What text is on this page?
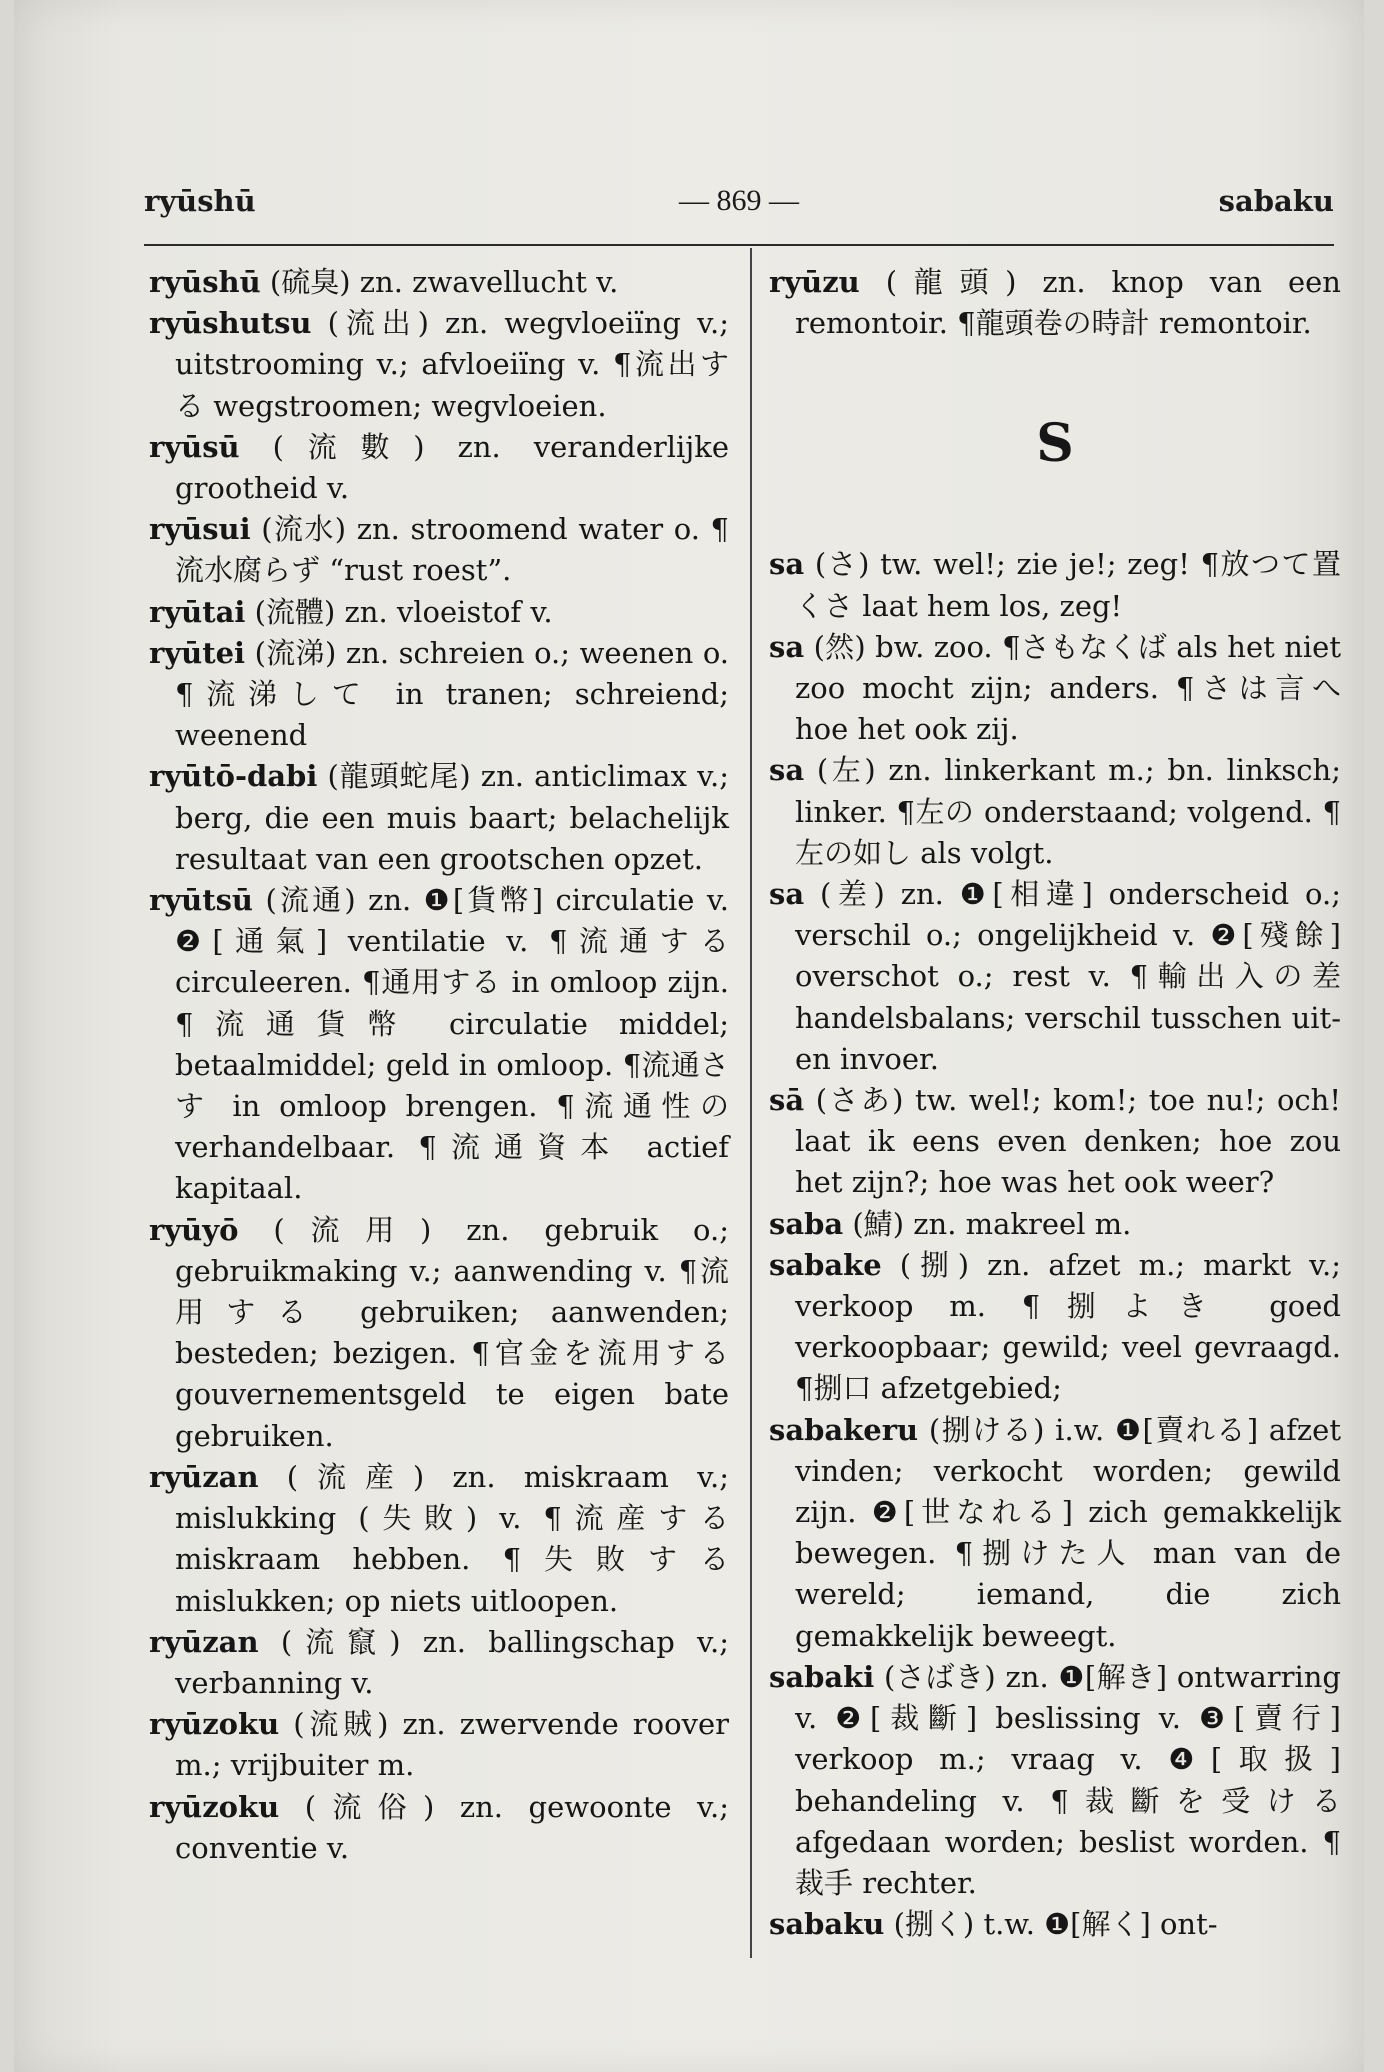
ryūshū	— 869 —	sabaku

ryūshū (硫臭) zn. zwavellucht v.

ryūshutsu (流出) zn. wegvloeiïng v.; uitstrooming v.; afvloeiïng v. ¶流出する wegstroomen; wegvloeien.

ryūsū (流數) zn. veranderlijke grootheid v.

ryūsui (流水) zn. stroomend water o. ¶流水腐らず “rust roest”.

ryūtai (流體) zn. vloeistof v.

ryūtei (流涕) zn. schreien o.; weenen o. ¶流涕して in tranen; schreiend; weenend

ryūtō-dabi (龍頭蛇尾) zn. anticlimax v.; berg, die een muis baart; belachelijk resultaat van een grootschen opzet.

ryūtsū (流通) zn. ❶[貨幣] circulatie v. ❷[通氣] ventilatie v. ¶流通する circuleeren. ¶通用する in omloop zijn. ¶流通貨幣 circulatie middel; betaalmiddel; geld in omloop. ¶流通さす in omloop brengen. ¶流通性の verhandelbaar. ¶流通資本 actief kapitaal.

ryūyō (流用) zn. gebruik o.; gebruikmaking v.; aanwending v. ¶流用する gebruiken; aanwenden; besteden; bezigen. ¶官金を流用する gouvernementsgeld te eigen bate gebruiken.

ryūzan (流産) zn. miskraam v.; mislukking (失敗) v. ¶流産する miskraam hebben. ¶失敗する mislukken; op niets uitloopen.

ryūzan (流竄) zn. ballingschap v.; verbanning v.

ryūzoku (流賊) zn. zwervende roover m.; vrijbuiter m.

ryūzoku (流俗) zn. gewoonte v.; conventie v.

ryūzu (龍頭) zn. knop van een remontoir. ¶龍頭卷の時計 remontoir.

S

sa (さ) tw. wel!; zie je!; zeg! ¶放つて置くさ laat hem los, zeg!

sa (然) bw. zoo. ¶さもなくば als het niet zoo mocht zijn; anders. ¶さは言へ hoe het ook zij.

sa (左) zn. linkerkant m.; bn. linksch; linker. ¶左の onderstaand; volgend. ¶左の如し als volgt.

sa (差) zn. ❶[相違] onderscheid o.; verschil o.; ongelijkheid v. ❷[殘餘] overschot o.; rest v. ¶輸出入の差 handelsbalans; verschil tusschen uit-en invoer.

sā (さあ) tw. wel!; kom!; toe nu!; och! laat ik eens even denken; hoe zou het zijn?; hoe was het ook weer?

saba (鯖) zn. makreel m.

sabake (捌) zn. afzet m.; markt v.; verkoop m. ¶捌よき goed verkoopbaar; gewild; veel gevraagd. ¶捌口 afzetgebied;

sabakeru (捌ける) i.w. ❶[賣れる] afzet vinden; verkocht worden; gewild zijn. ❷[世なれる] zich gemakkelijk bewegen. ¶捌けた人 man van de wereld; iemand, die zich gemakkelijk beweegt.

sabaki (さばき) zn. ❶[解き] ontwarring v. ❷[裁斷] beslissing v. ❸[賣行] verkoop m.; vraag v. ❹[取扱] behandeling v. ¶裁斷を受ける afgedaan worden; beslist worden. ¶裁手 rechter.

sabaku (捌く) t.w. ❶[解く] ont-
